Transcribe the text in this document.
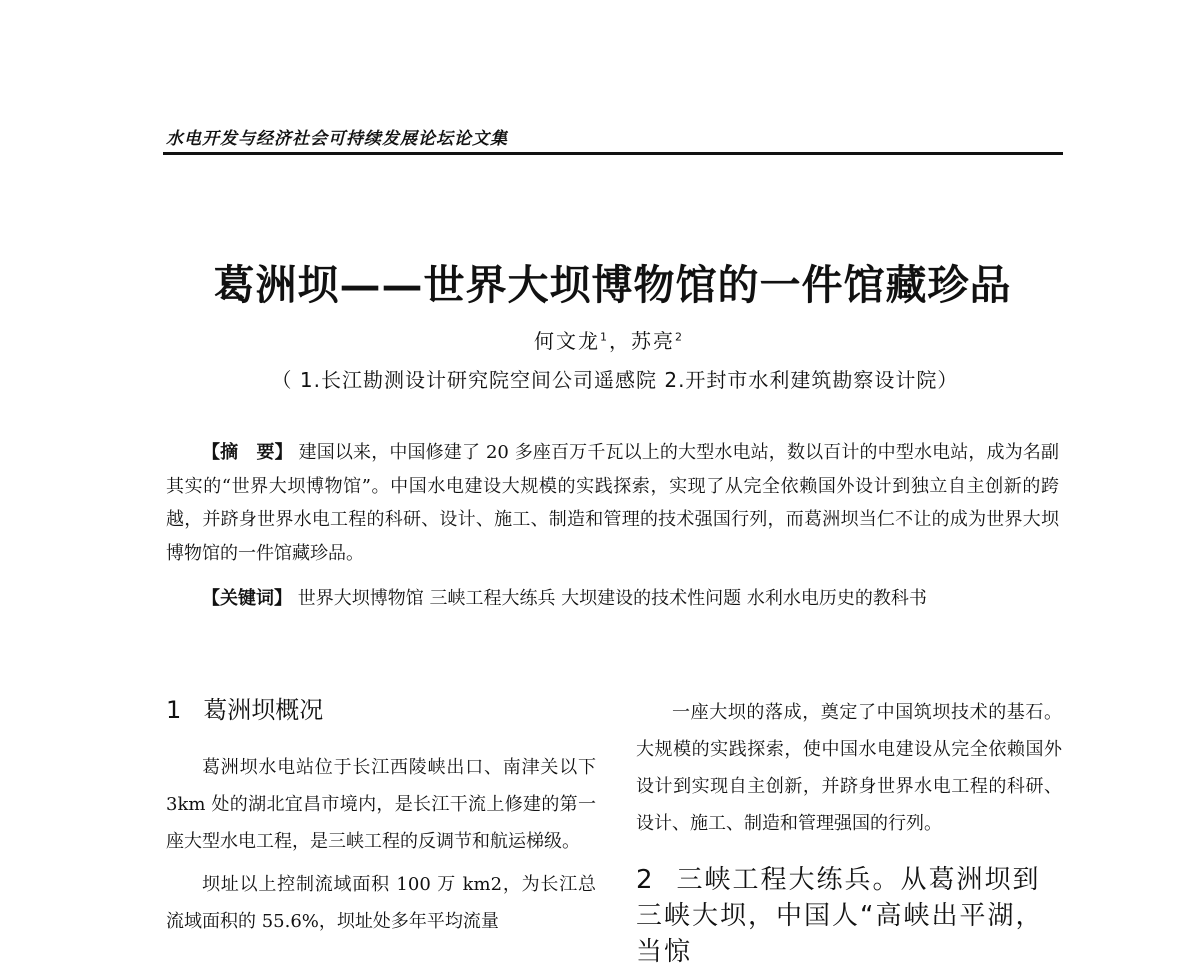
水电开发与经济社会可持续发展论坛论文集
葛洲坝——世界大坝博物馆的一件馆藏珍品
何文龙$^1$，苏亮$^2$
（ 1.长江勘测设计研究院空间公司遥感院 2.开封市水利建筑勘察设计院）

【摘　要】 建国以来，中国修建了 20 多座百万千瓦以上的大型水电站，数以百计的中型水电站，成为名副其实的“世界大坝博物馆”。中国水电建设大规模的实践探索，实现了从完全依赖国外设计到独立自主创新的跨越，并跻身世界水电工程的科研、设计、施工、制造和管理的技术强国行列，而葛洲坝当仁不让的成为世界大坝博物馆的一件馆藏珍品。

【关键词】 世界大坝博物馆 三峡工程大练兵 大坝建设的技术性问题 水利水电历史的教科书

1 葛洲坝概况

葛洲坝水电站位于长江西陵峡出口、南津关以下 3km 处的湖北宜昌市境内，是长江干流上修建的第一座大型水电工程，是三峡工程的反调节和航运梯级。

坝址以上控制流域面积 100 万 km2，为长江总流域面积的 55.6%，坝址处多年平均流量

一座大坝的落成，奠定了中国筑坝技术的基石。大规模的实践探索，使中国水电建设从完全依赖国外设计到实现自主创新，并跻身世界水电工程的科研、设计、施工、制造和管理强国的行列。

2 三峡工程大练兵。从葛洲坝到三峡大坝，中国人“高峡出平湖，当惊
